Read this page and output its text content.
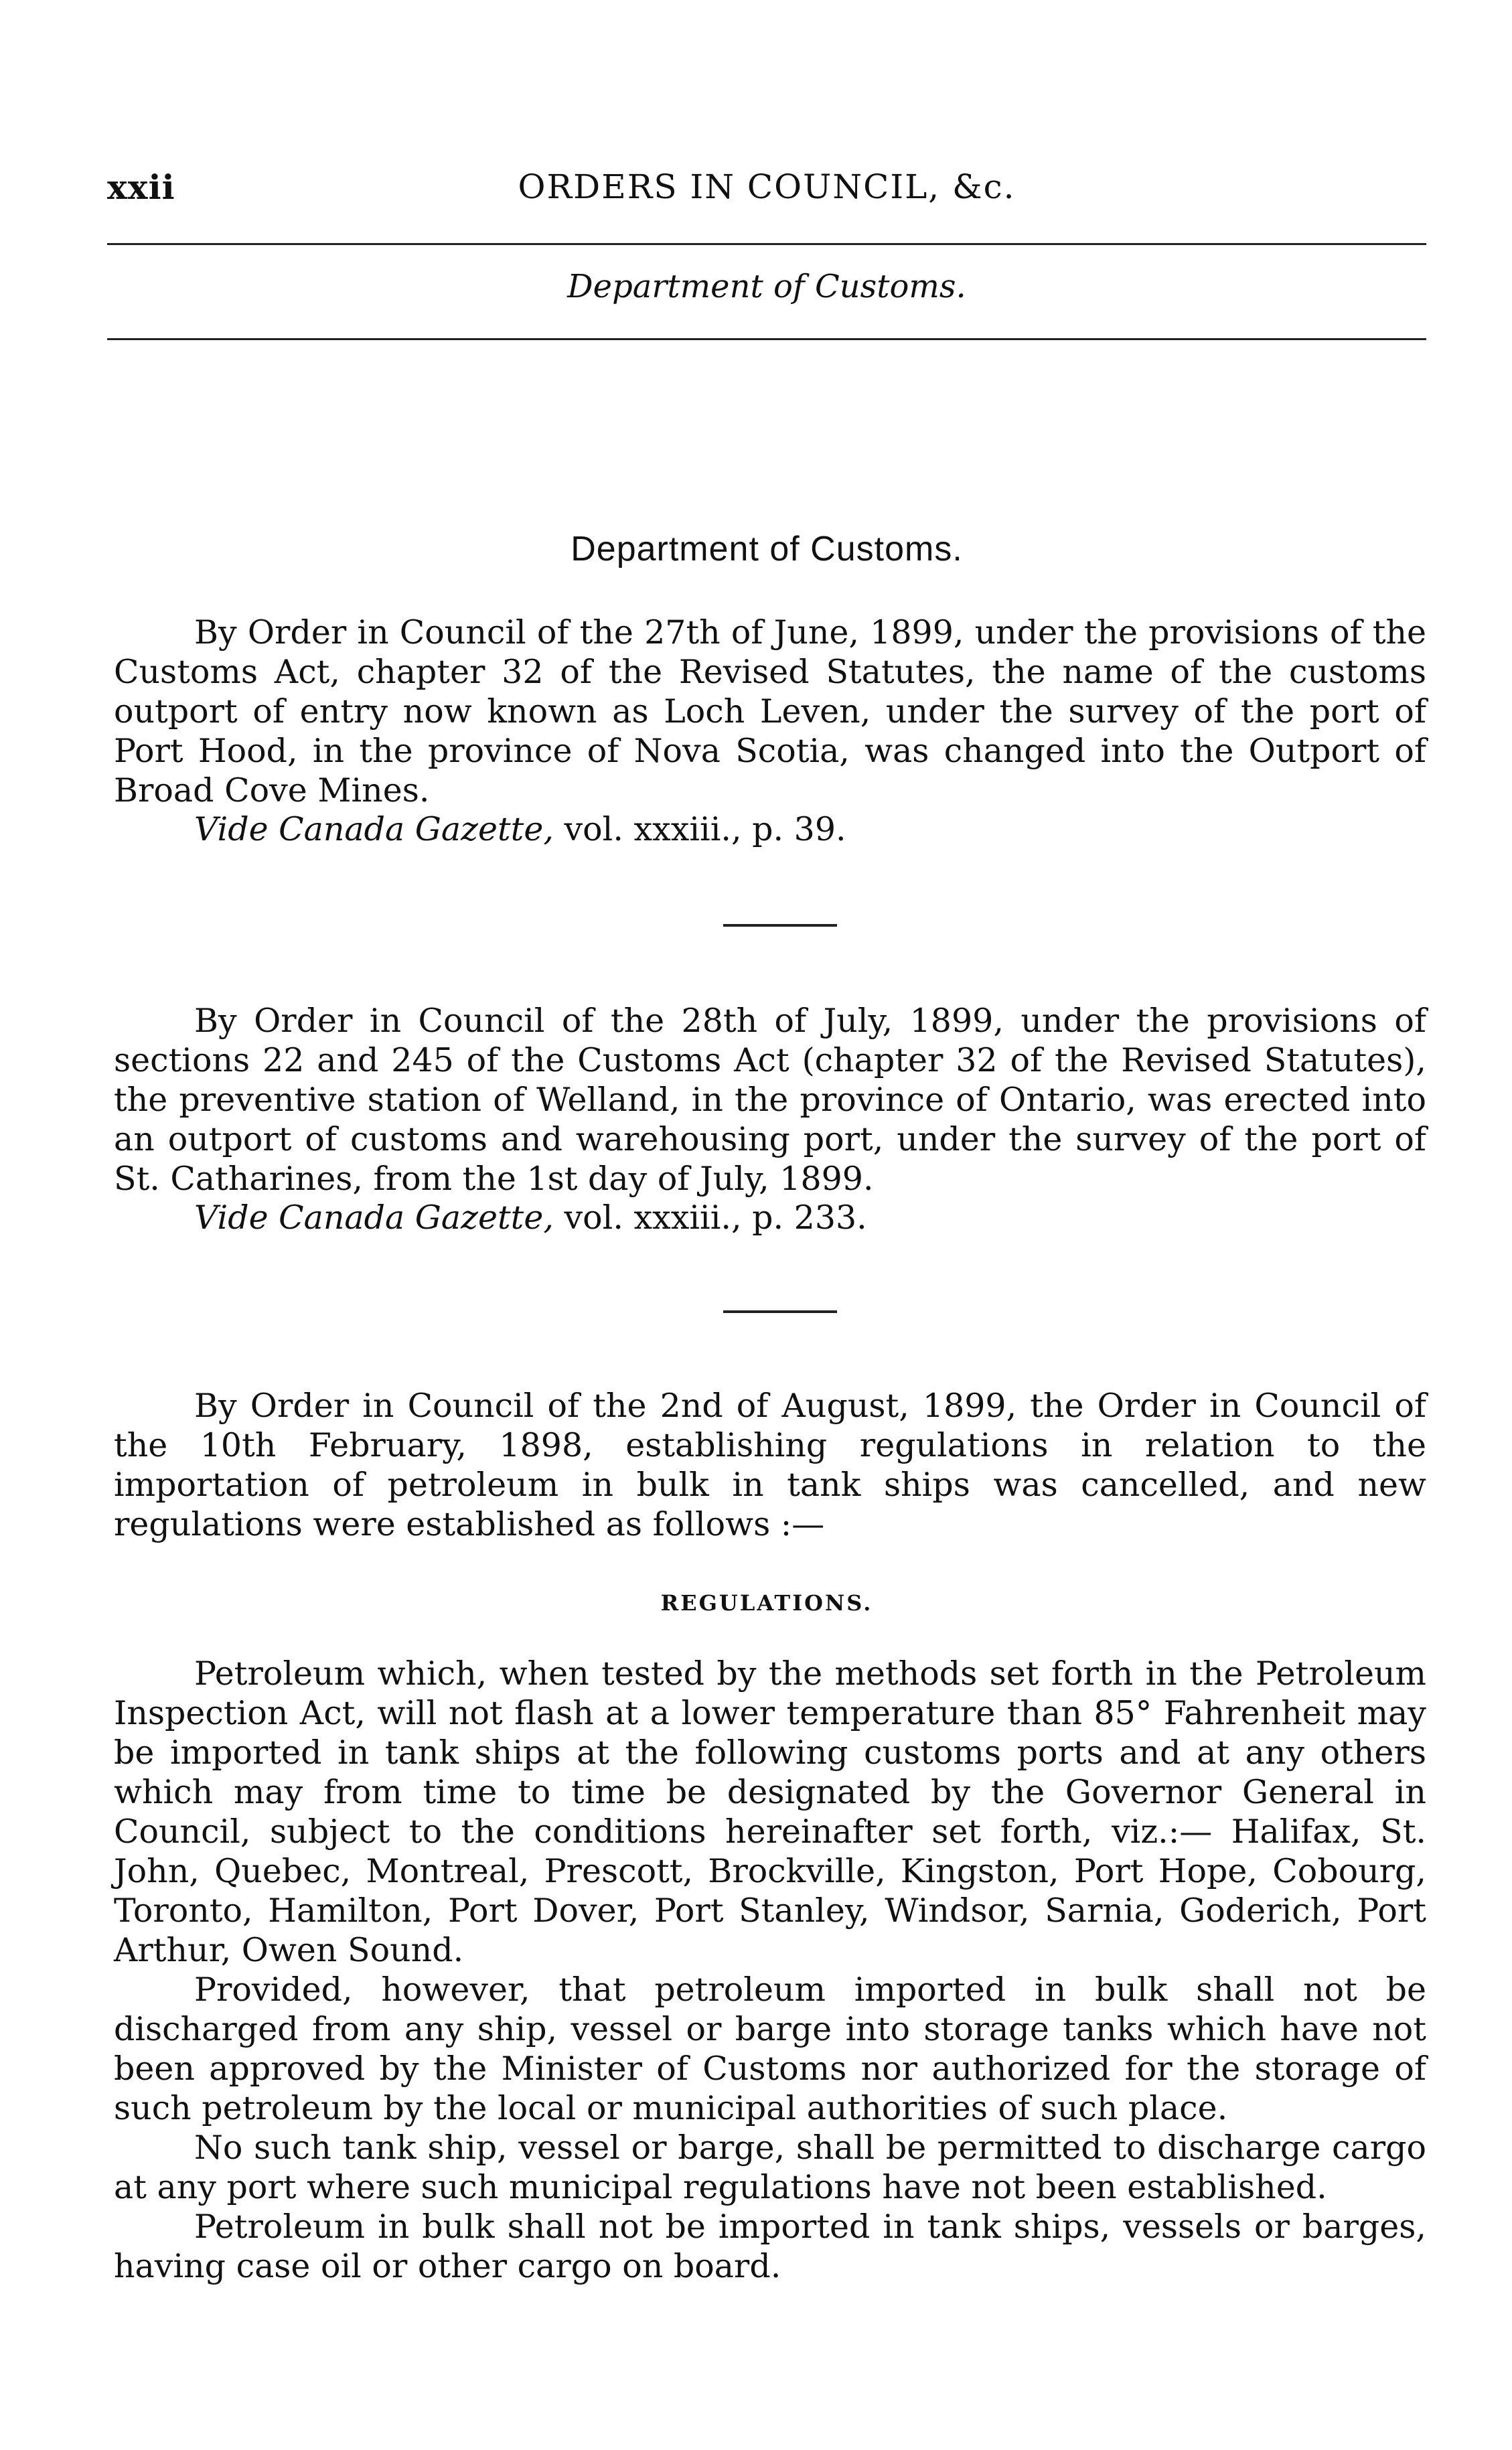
xxii	ORDERS IN COUNCIL, &c.
Department of Customs.
Department of Customs.

By Order in Council of the 27th of June, 1899, under the provisions of the Customs Act, chapter 32 of the Revised Statutes, the name of the customs outport of entry now known as Loch Leven, under the survey of the port of Port Hood, in the province of Nova Scotia, was changed into the Outport of Broad Cove Mines.

Vide Canada Gazette, vol. xxxiii., p. 39.

By Order in Council of the 28th of July, 1899, under the provisions of sections 22 and 245 of the Customs Act (chapter 32 of the Revised Statutes), the preventive station of Welland, in the province of Ontario, was erected into an outport of customs and warehousing port, under the survey of the port of St. Catharines, from the 1st day of July, 1899.

Vide Canada Gazette, vol. xxxiii., p. 233.

By Order in Council of the 2nd of August, 1899, the Order in Council of the 10th February, 1898, establishing regulations in relation to the importation of petroleum in bulk in tank ships was cancelled, and new regulations were established as follows :—

REGULATIONS.

Petroleum which, when tested by the methods set forth in the Petroleum Inspection Act, will not flash at a lower temperature than 85° Fahrenheit may be imported in tank ships at the following customs ports and at any others which may from time to time be designated by the Governor General in Council, subject to the conditions hereinafter set forth, viz.:— Halifax, St. John, Quebec, Montreal, Prescott, Brockville, Kingston, Port Hope, Cobourg, Toronto, Hamilton, Port Dover, Port Stanley, Windsor, Sarnia, Goderich, Port Arthur, Owen Sound.

Provided, however, that petroleum imported in bulk shall not be discharged from any ship, vessel or barge into storage tanks which have not been approved by the Minister of Customs nor authorized for the storage of such petroleum by the local or municipal authorities of such place.

No such tank ship, vessel or barge, shall be permitted to discharge cargo at any port where such municipal regulations have not been established.

Petroleum in bulk shall not be imported in tank ships, vessels or barges, having case oil or other cargo on board.
